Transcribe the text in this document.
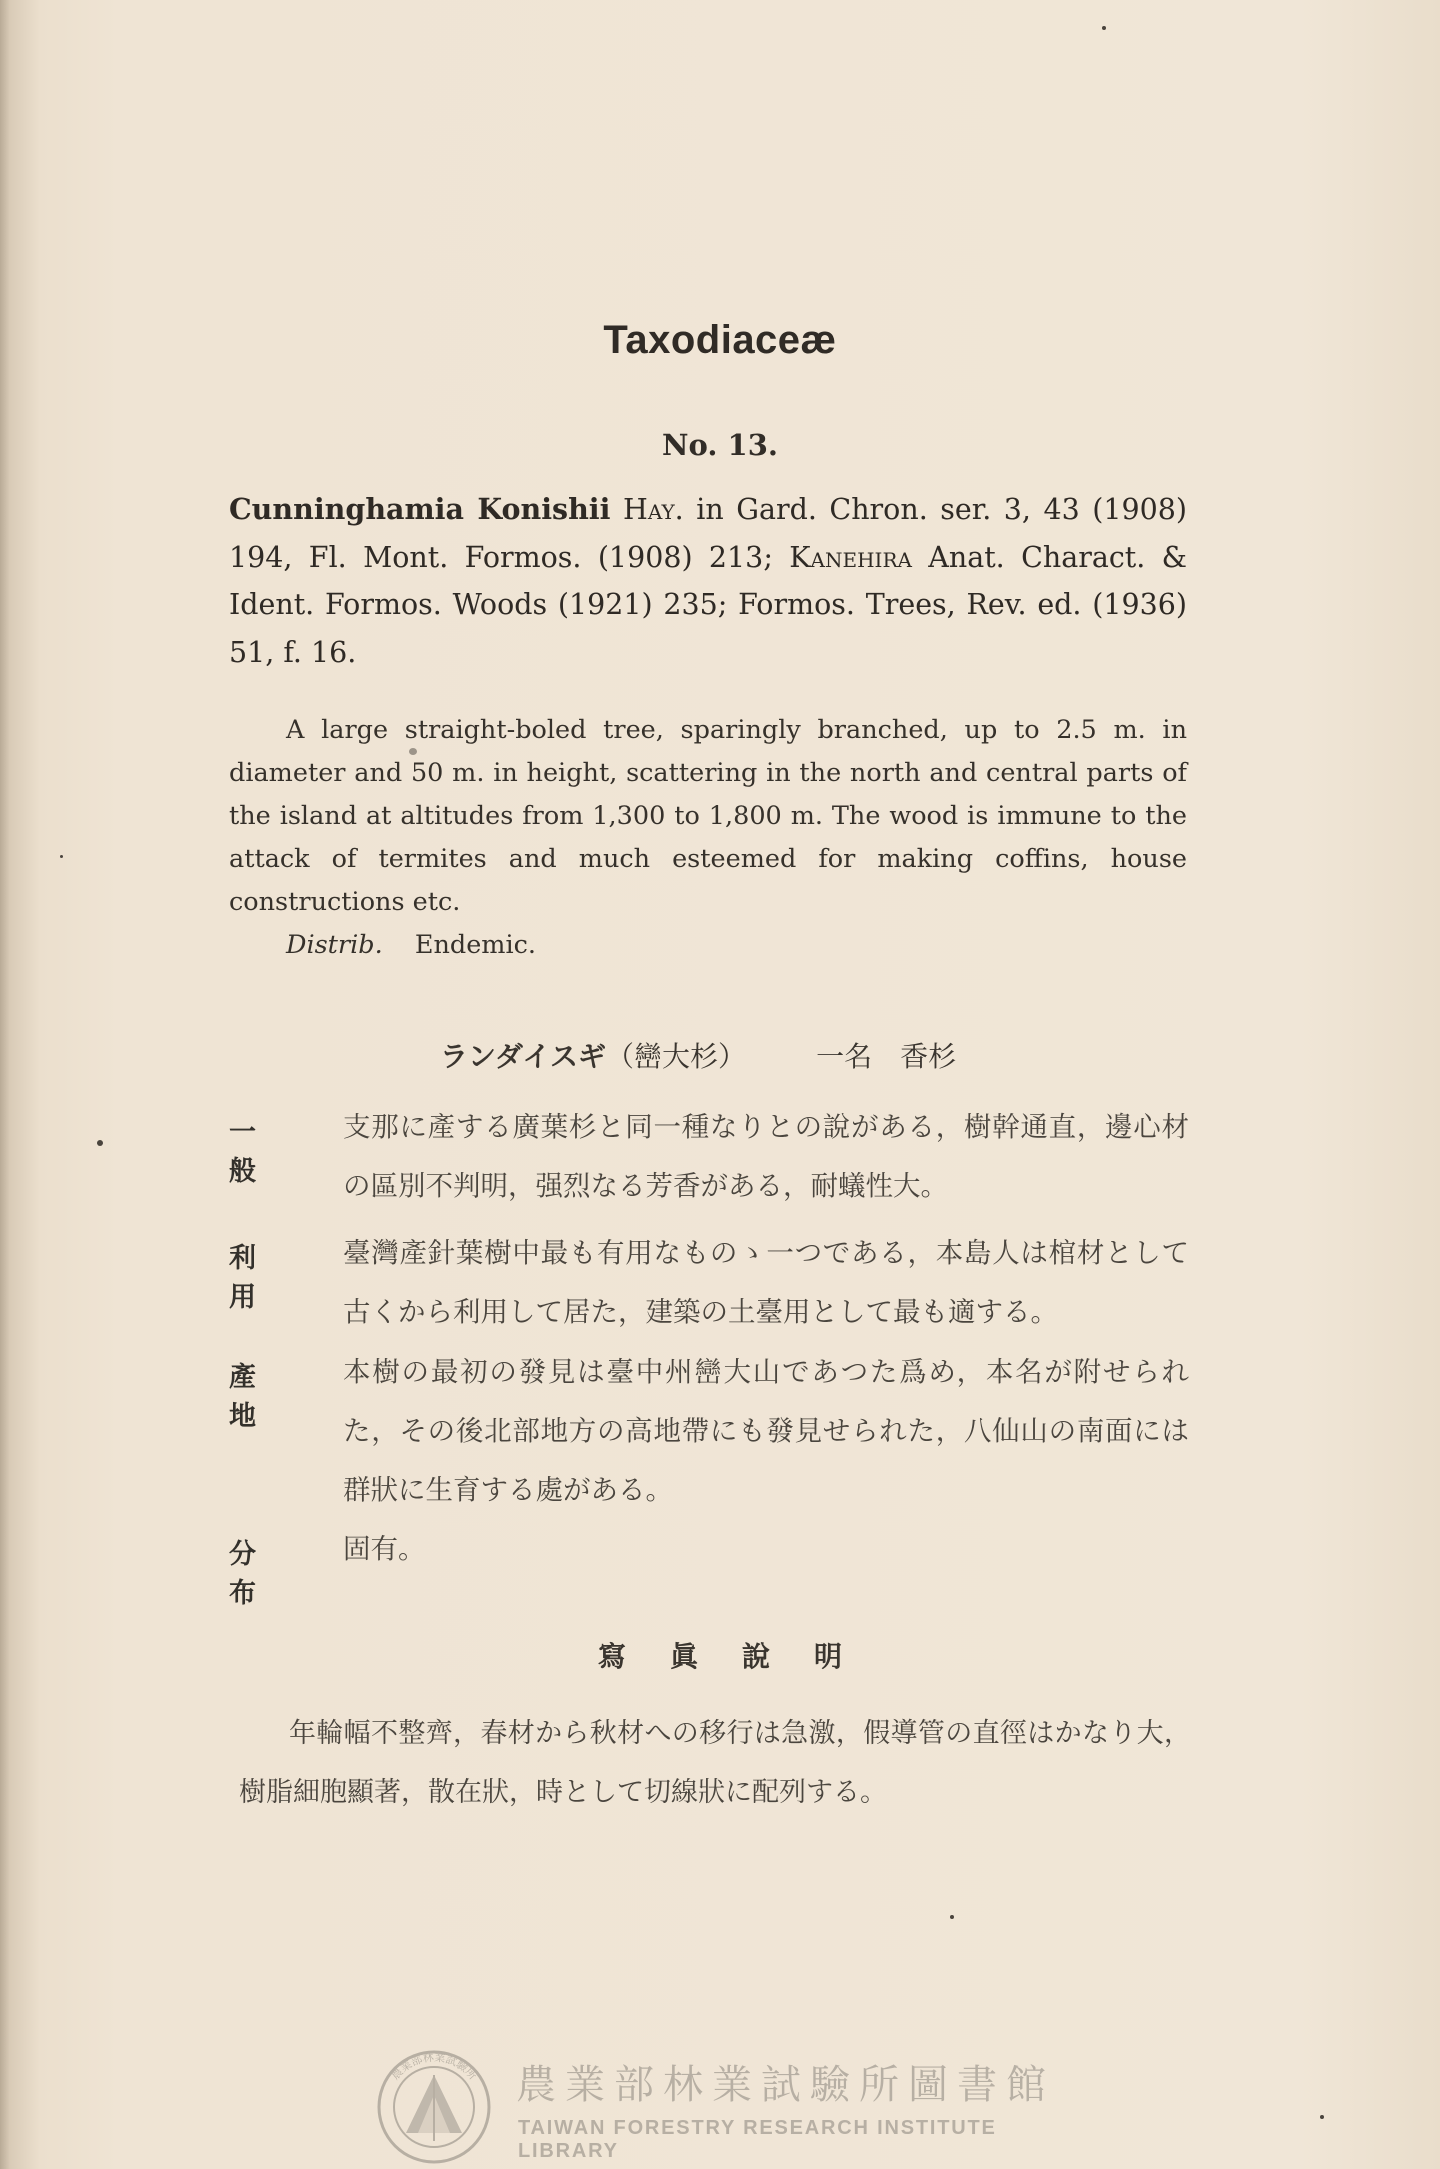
Taxodiaceæ
No. 13.
Cunninghamia Konishii Hay. in Gard. Chron. ser. 3, 43 (1908) 194, Fl. Mont. Formos. (1908) 213; Kanehira Anat. Charact. & Ident. Formos. Woods (1921) 235; Formos. Trees, Rev. ed. (1936) 51, f. 16.
A large straight-boled tree, sparingly branched, up to 2.5 m. in diameter and 50 m. in height, scattering in the north and central parts of the island at altitudes from 1,300 to 1,800 m. The wood is immune to the attack of termites and much esteemed for making coffins, house constructions etc.
Distrib. Endemic.
ランダイスギ（巒大杉）	一名　香杉
一般
支那に產する廣葉杉と同一種なりとの說がある，樹幹通直，邊心材の區別不判明，强烈なる芳香がある，耐蟻性大。
利用
臺灣產針葉樹中最も有用なものゝ一つである，本島人は棺材として古くから利用して居た，建築の土臺用として最も適する。
產地
本樹の最初の發見は臺中州巒大山であつた爲め，本名が附せられた，その後北部地方の高地帶にも發見せられた，八仙山の南面には群狀に生育する處がある。
分布
固有。
寫眞說明
年輪幅不整齊，春材から秋材への移行は急激，假導管の直徑はかなり大，樹脂細胞顯著，散在狀，時として切線狀に配列する。
農業部林業試驗所 農業部林業試驗所圖書館
TAIWAN FORESTRY RESEARCH INSTITUTE LIBRARY
